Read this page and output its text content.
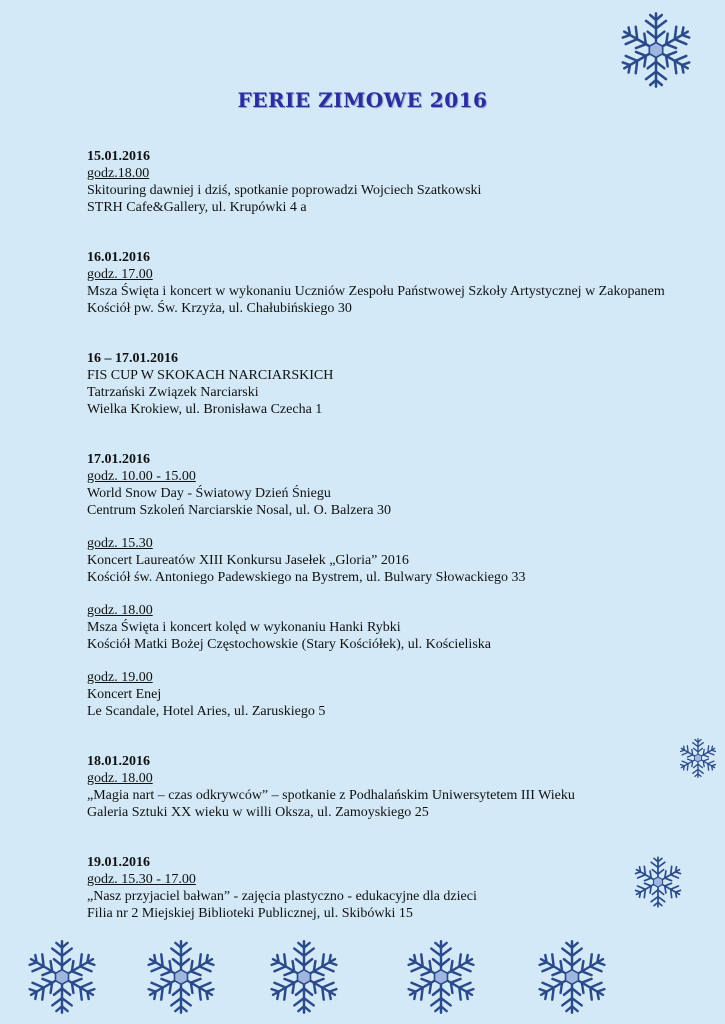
FERIE ZIMOWE 2016
15.01.2016
godz.18.00
Skitouring dawniej i dziś, spotkanie poprowadzi Wojciech Szatkowski
STRH Cafe&Gallery, ul. Krupówki 4 a
16.01.2016
godz. 17.00
Msza Święta i koncert w wykonaniu Uczniów Zespołu Państwowej Szkoły Artystycznej w Zakopanem
Kościół pw. Św. Krzyża, ul. Chałubińskiego 30
16 – 17.01.2016
FIS CUP W SKOKACH NARCIARSKICH
Tatrzański Związek Narciarski
Wielka Krokiew, ul. Bronisława Czecha 1
17.01.2016
godz. 10.00 - 15.00
World Snow Day - Światowy Dzień Śniegu
Centrum Szkoleń Narciarskie Nosal, ul. O. Balzera 30
godz. 15.30
Koncert Laureatów XIII Konkursu Jasełek „Gloria” 2016
Kościół św. Antoniego Padewskiego na Bystrem, ul. Bulwary Słowackiego 33
godz. 18.00
Msza Święta i koncert kolęd w wykonaniu Hanki Rybki
Kościół Matki Bożej Częstochowskie (Stary Kościółek), ul. Kościeliska
godz. 19.00
Koncert Enej
Le Scandale, Hotel Aries, ul. Zaruskiego 5
18.01.2016
godz. 18.00
„Magia nart – czas odkrywców” – spotkanie z Podhalańskim Uniwersytetem III Wieku
Galeria Sztuki XX wieku w willi Oksza, ul. Zamoyskiego 25
19.01.2016
godz. 15.30 - 17.00
„Nasz przyjaciel bałwan” - zajęcia plastyczno - edukacyjne dla dzieci
Filia nr 2 Miejskiej Biblioteki Publicznej, ul. Skibówki 15
